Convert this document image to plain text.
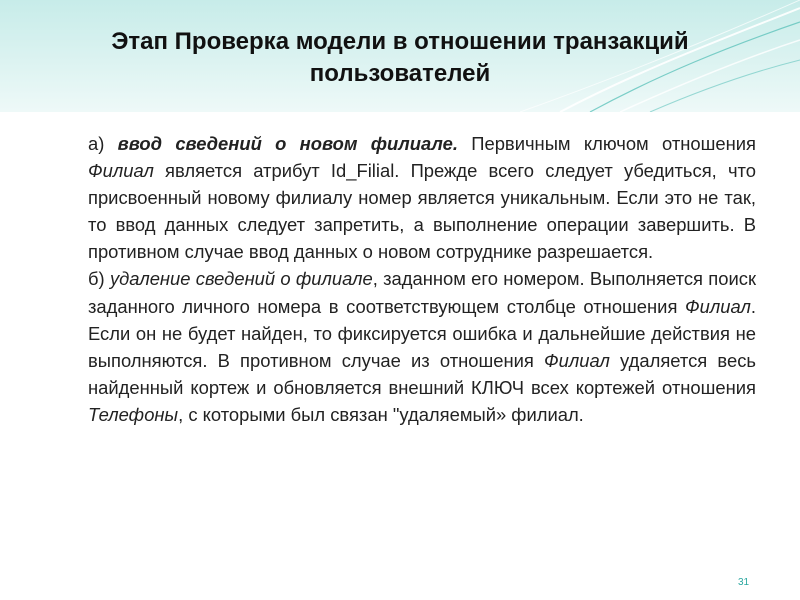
Этап Проверка модели в отношении транзакций
пользователей

а) ввод сведений о новом филиале. Первичным ключом отношения Филиал является атрибут Id_Filial. Прежде всего следует убедиться, что присвоенный новому филиалу номер является уникальным. Если это не так, то ввод данных следует запретить, а выполнение операции завершить. В противном случае ввод данных о новом сотруднике разрешается.

б) удаление сведений о филиале, заданном его номером. Выполняется поиск заданного личного номера в соответствующем столбце отношения Филиал. Если он не будет найден, то фиксируется ошибка и дальнейшие действия не выполняются. В противном случае из отношения Филиал удаляется весь найденный кортеж и обновляется внешний КЛЮЧ всех кортежей отношения Телефоны, с которыми был связан "удаляемый» филиал.

31
